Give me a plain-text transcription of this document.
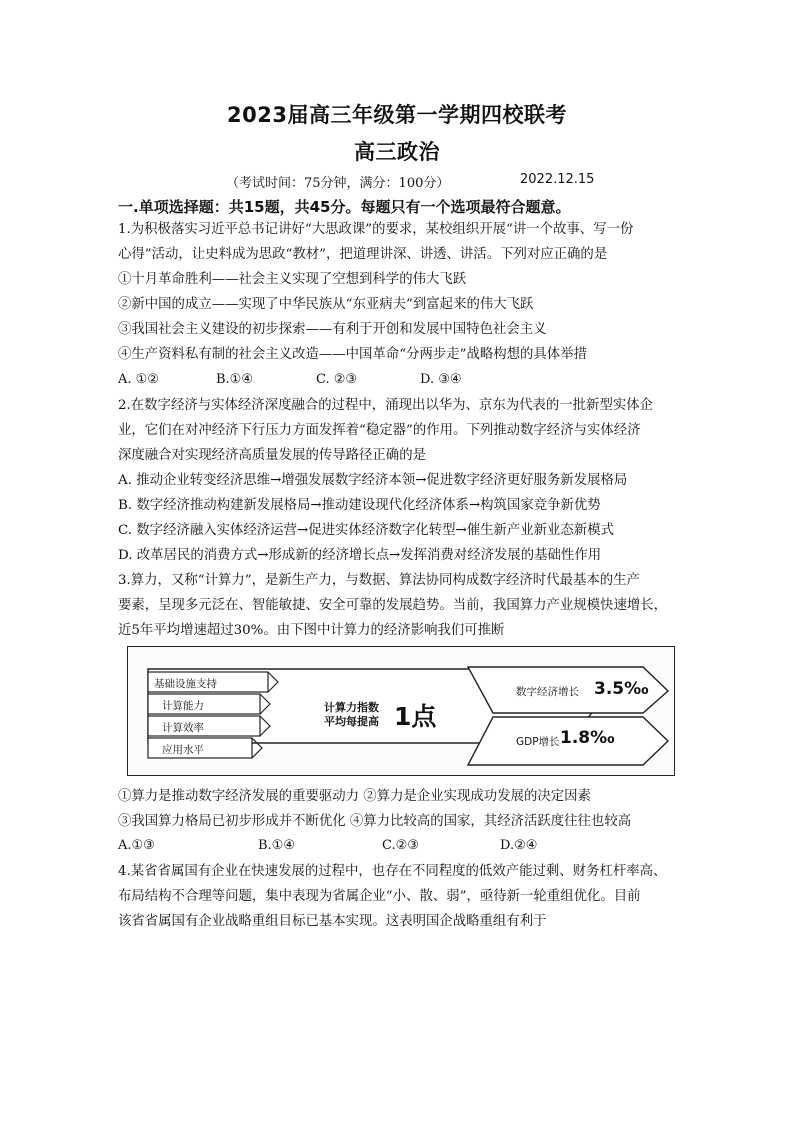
2023届高三年级第一学期四校联考
高三政治
（考试时间：75分钟，满分：100分）	2022.12.15
一.单项选择题：共15题，共45分。每题只有一个选项最符合题意。
1.为积极落实习近平总书记讲好“大思政课”的要求，某校组织开展“讲一个故事、写一份
心得”活动，让史料成为思政“教材”，把道理讲深、讲透、讲活。下列对应正确的是
①十月革命胜利——社会主义实现了空想到科学的伟大飞跃
②新中国的成立——实现了中华民族从“东亚病夫”到富起来的伟大飞跃
③我国社会主义建设的初步探索——有利于开创和发展中国特色社会主义
④生产资料私有制的社会主义改造——中国革命“分两步走”战略构想的具体举措
A. ①②	B.①④	C. ②③	D. ③④
2.在数字经济与实体经济深度融合的过程中，涌现出以华为、京东为代表的一批新型实体企
业，它们在对冲经济下行压力方面发挥着“稳定器”的作用。下列推动数字经济与实体经济
深度融合对实现经济高质量发展的传导路径正确的是
A. 推动企业转变经济思维→增强发展数字经济本领→促进数字经济更好服务新发展格局
B. 数字经济推动构建新发展格局→推动建设现代化经济体系→构筑国家竞争新优势
C. 数字经济融入实体经济运营→促进实体经济数字化转型→催生新产业新业态新模式
D. 改革居民的消费方式→形成新的经济增长点→发挥消费对经济发展的基础性作用
3.算力，又称“计算力”，是新生产力，与数据、算法协同构成数字经济时代最基本的生产
要素，呈现多元泛在、智能敏捷、安全可靠的发展趋势。当前，我国算力产业规模快速增长，
近5年平均增速超过30%。由下图中计算力的经济影响我们可推断
基础设施支持
计算能力
计算效率
应用水平
计算力指数
平均每提高 1点
数字经济增长 3.5‰
GDP增长 1.8‰
①算力是推动数字经济发展的重要驱动力 ②算力是企业实现成功发展的决定因素
③我国算力格局已初步形成并不断优化 ④算力比较高的国家，其经济活跃度往往也较高
A.①③	B.①④	C.②③	D.②④
4.某省省属国有企业在快速发展的过程中，也存在不同程度的低效产能过剩、财务杠杆率高、
布局结构不合理等问题，集中表现为省属企业“小、散、弱”，亟待新一轮重组优化。目前
该省省属国有企业战略重组目标已基本实现。这表明国企战略重组有利于
